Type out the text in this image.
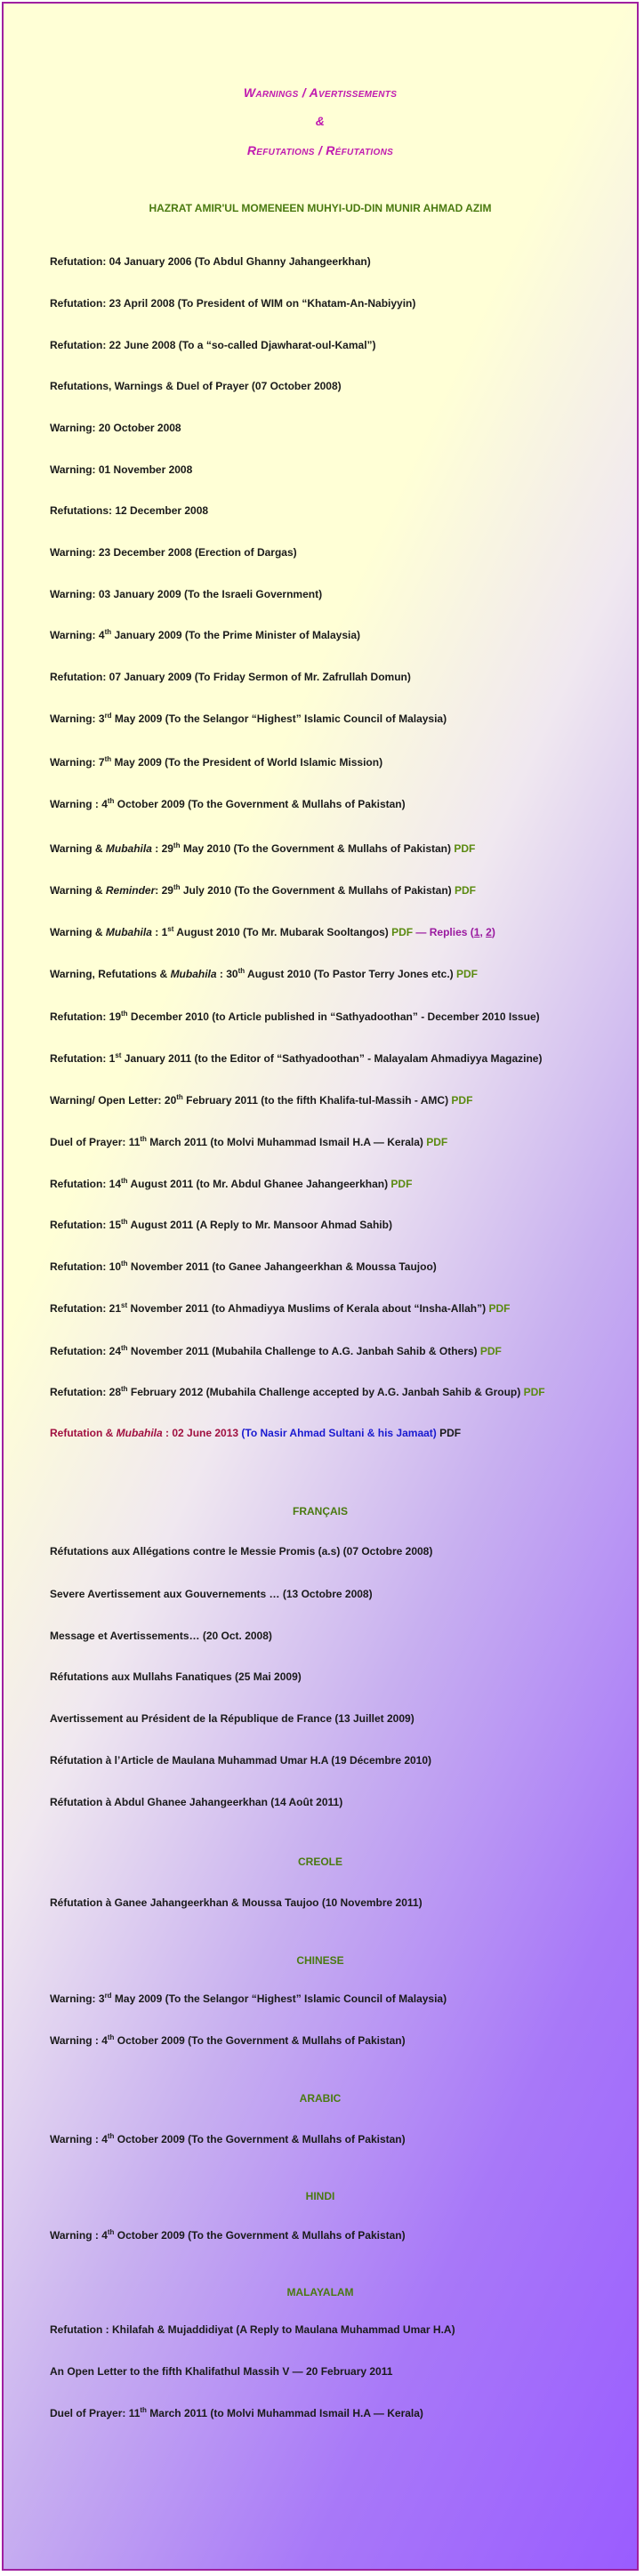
Warnings / Avertissements
&
Refutations / Réfutations
HAZRAT AMIR'UL MOMENEEN MUHYI-UD-DIN MUNIR AHMAD AZIM
Refutation: 04 January 2006 (To Abdul Ghanny Jahangeerkhan)
Refutation: 23 April 2008 (To President of WIM on “Khatam-An-Nabiyyin)
Refutation: 22 June 2008 (To a “so-called Djawharat-oul-Kamal”)
Refutations, Warnings & Duel of Prayer (07 October 2008)
Warning: 20 October 2008
Warning: 01 November 2008
Refutations: 12 December 2008
Warning: 23 December 2008 (Erection of Dargas)
Warning: 03 January 2009 (To the Israeli Government)
Warning: 4th January 2009 (To the Prime Minister of Malaysia)
Refutation: 07 January 2009 (To Friday Sermon of Mr. Zafrullah Domun)
Warning: 3rd May 2009 (To the Selangor “Highest” Islamic Council of Malaysia)
Warning: 7th May 2009 (To the President of World Islamic Mission)
Warning : 4th October 2009 (To the Government & Mullahs of Pakistan)
Warning & Mubahila : 29th May 2010 (To the Government & Mullahs of Pakistan) PDF
Warning & Reminder: 29th July 2010 (To the Government & Mullahs of Pakistan) PDF
Warning & Mubahila : 1st August 2010 (To Mr. Mubarak Sooltangos) PDF — Replies (1, 2)
Warning, Refutations & Mubahila : 30th August 2010 (To Pastor Terry Jones etc.) PDF
Refutation: 19th December 2010 (to Article published in “Sathyadoothan” - December 2010 Issue)
Refutation: 1st January 2011 (to the Editor of “Sathyadoothan” - Malayalam Ahmadiyya Magazine)
Warning/ Open Letter: 20th February 2011 (to the fifth Khalifa-tul-Massih - AMC) PDF
Duel of Prayer: 11th March 2011 (to Molvi Muhammad Ismail H.A — Kerala) PDF
Refutation: 14th August 2011 (to Mr. Abdul Ghanee Jahangeerkhan) PDF
Refutation: 15th August 2011 (A Reply to Mr. Mansoor Ahmad Sahib)
Refutation: 10th November 2011 (to Ganee Jahangeerkhan & Moussa Taujoo)
Refutation: 21st November 2011 (to Ahmadiyya Muslims of Kerala about “Insha-Allah”) PDF
Refutation: 24th November 2011 (Mubahila Challenge to A.G. Janbah Sahib & Others) PDF
Refutation: 28th February 2012 (Mubahila Challenge accepted by A.G. Janbah Sahib & Group) PDF
Refutation & Mubahila : 02 June 2013 (To Nasir Ahmad Sultani & his Jamaat) PDF
FRANÇAIS
Réfutations aux Allégations contre le Messie Promis (a.s) (07 Octobre 2008)
Severe Avertissement aux Gouvernements … (13 Octobre 2008)
Message et Avertissements… (20 Oct. 2008)
Réfutations aux Mullahs Fanatiques (25 Mai 2009)
Avertissement au Président de la République de France (13 Juillet 2009)
Réfutation à l’Article de Maulana Muhammad Umar H.A (19 Décembre 2010)
Réfutation à Abdul Ghanee Jahangeerkhan (14 Août 2011)
CREOLE
Réfutation à Ganee Jahangeerkhan & Moussa Taujoo (10 Novembre 2011)
CHINESE
Warning: 3rd May 2009 (To the Selangor “Highest” Islamic Council of Malaysia)
Warning : 4th October 2009 (To the Government & Mullahs of Pakistan)
ARABIC
Warning : 4th October 2009 (To the Government & Mullahs of Pakistan)
HINDI
Warning : 4th October 2009 (To the Government & Mullahs of Pakistan)
MALAYALAM
Refutation : Khilafah & Mujaddidiyat (A Reply to Maulana Muhammad Umar H.A)
An Open Letter to the fifth Khalifathul Massih V — 20 February 2011
Duel of Prayer: 11th March 2011 (to Molvi Muhammad Ismail H.A — Kerala)
